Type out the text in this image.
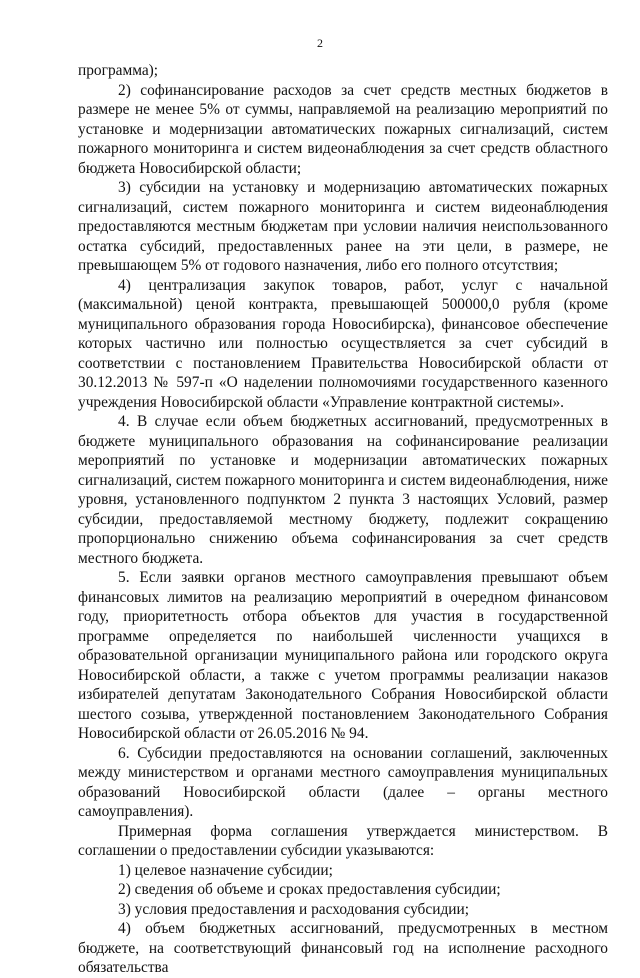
2

программа);

2) софинансирование расходов за счет средств местных бюджетов в размере не менее 5% от суммы, направляемой на реализацию мероприятий по установке и модернизации автоматических пожарных сигнализаций, систем пожарного мониторинга и систем видеонаблюдения за счет средств областного бюджета Новосибирской области;

3) субсидии на установку и модернизацию автоматических пожарных сигнализаций, систем пожарного мониторинга и систем видеонаблюдения предоставляются местным бюджетам при условии наличия неиспользованного остатка субсидий, предоставленных ранее на эти цели, в размере, не превышающем 5% от годового назначения, либо его полного отсутствия;

4) централизация закупок товаров, работ, услуг с начальной (максимальной) ценой контракта, превышающей 500000,0 рубля (кроме муниципального образования города Новосибирска), финансовое обеспечение которых частично или полностью осуществляется за счет субсидий в соответствии с постановлением Правительства Новосибирской области от 30.12.2013 № 597-п «О наделении полномочиями государственного казенного учреждения Новосибирской области «Управление контрактной системы».

4. В случае если объем бюджетных ассигнований, предусмотренных в бюджете муниципального образования на софинансирование реализации мероприятий по установке и модернизации автоматических пожарных сигнализаций, систем пожарного мониторинга и систем видеонаблюдения, ниже уровня, установленного подпунктом 2 пункта 3 настоящих Условий, размер субсидии, предоставляемой местному бюджету, подлежит сокращению пропорционально снижению объема софинансирования за счет средств местного бюджета.

5. Если заявки органов местного самоуправления превышают объем финансовых лимитов на реализацию мероприятий в очередном финансовом году, приоритетность отбора объектов для участия в государственной программе определяется по наибольшей численности учащихся в образовательной организации муниципального района или городского округа Новосибирской области, а также с учетом программы реализации наказов избирателей депутатам Законодательного Собрания Новосибирской области шестого созыва, утвержденной постановлением Законодательного Собрания Новосибирской области от 26.05.2016 № 94.

6. Субсидии предоставляются на основании соглашений, заключенных между министерством и органами местного самоуправления муниципальных образований Новосибирской области (далее – органы местного самоуправления).

Примерная форма соглашения утверждается министерством. В соглашении о предоставлении субсидии указываются:

1) целевое назначение субсидии;

2) сведения об объеме и сроках предоставления субсидии;

3) условия предоставления и расходования субсидии;

4) объем бюджетных ассигнований, предусмотренных в местном бюджете, на соответствующий финансовый год на исполнение расходного обязательства
